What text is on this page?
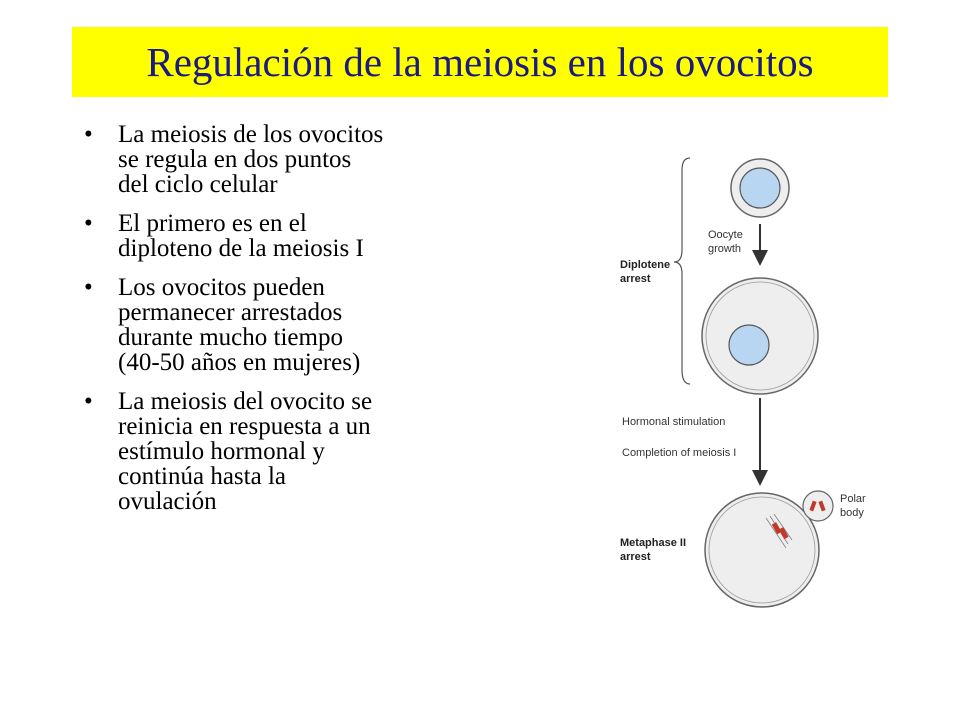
Regulación de la meiosis en los ovocitos
• La meiosis de los ovocitos
se regula en dos puntos
del ciclo celular
• El primero es en el
diploteno de la meiosis I
• Los ovocitos pueden
permanecer arrestados
durante mucho tiempo
(40-50 años en mujeres)
• La meiosis del ovocito se
reinicia en respuesta a un
estímulo hormonal y
continúa hasta la
ovulación
Oocyte growth
Diplotene arrest
Hormonal stimulation
Completion of meiosis I
Polar body
Metaphase II arrest
